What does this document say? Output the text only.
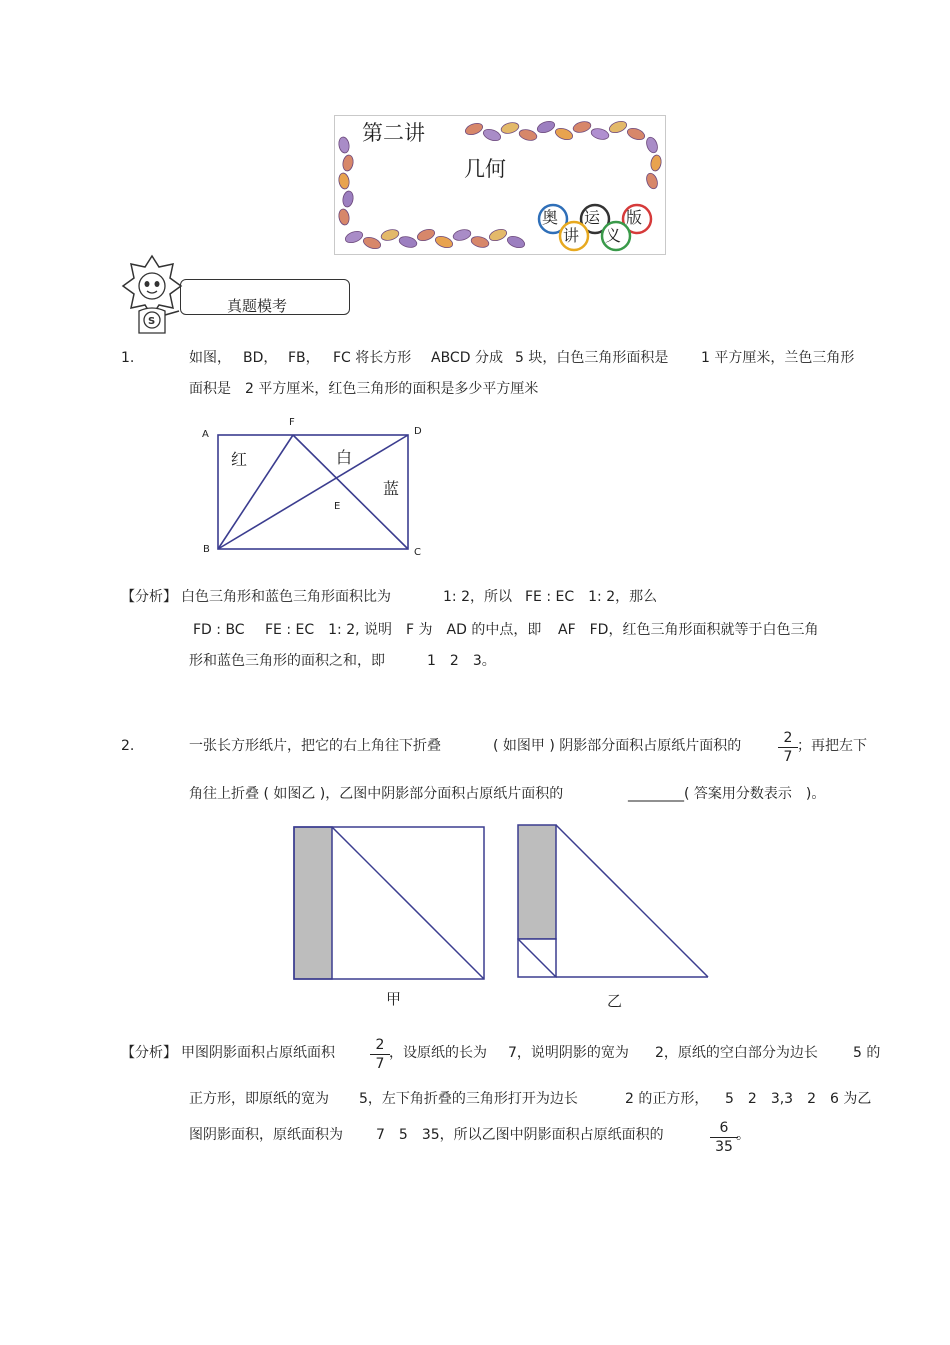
第二讲
几何
奥 运 版
讲 义
S
真题模考
1.	如图， BD， FB， FC 将长方形 ABCD 分成 5 块，白色三角形面积是 1 平方厘米，兰色三角形
面积是　2 平方厘米，红色三角形的面积是多少平方厘米
A
F
D
B	C
E
红	白
蓝
【分析】 白色三角形和蓝色三角形面积比为	1: 2，所以 FE : EC　1: 2，那么
FD : BC FE : EC　1: 2, 说明　F 为　AD 的中点，即 AF　FD，红色三角形面积就等于白色三角
形和蓝色三角形的面积之和，即	1　2　3。
2.	一张长方形纸片，把它的右上角往下折叠	( 如图甲 ) 阴影部分面积占原纸片面积的	$\frac{2}{7}$ ；再把左下
角往上折叠 ( 如图乙 )，乙图中阴影部分面积占原纸片面积的	________( 答案用分数表示　)。
甲	乙
【分析】 甲图阴影面积占原纸面积	$\frac{2}{7}$ ，设原纸的长为 7，说明阴影的宽为 2，原纸的空白部分为边长	5 的
正方形，即原纸的宽为 5，左下角折叠的三角形打开为边长	2 的正方形， 5　2　3,3　2　6 为乙
图阴影面积，原纸面积为 7　5　35，所以乙图中阴影面积占原纸面积的	$\frac{6}{35}$
。
